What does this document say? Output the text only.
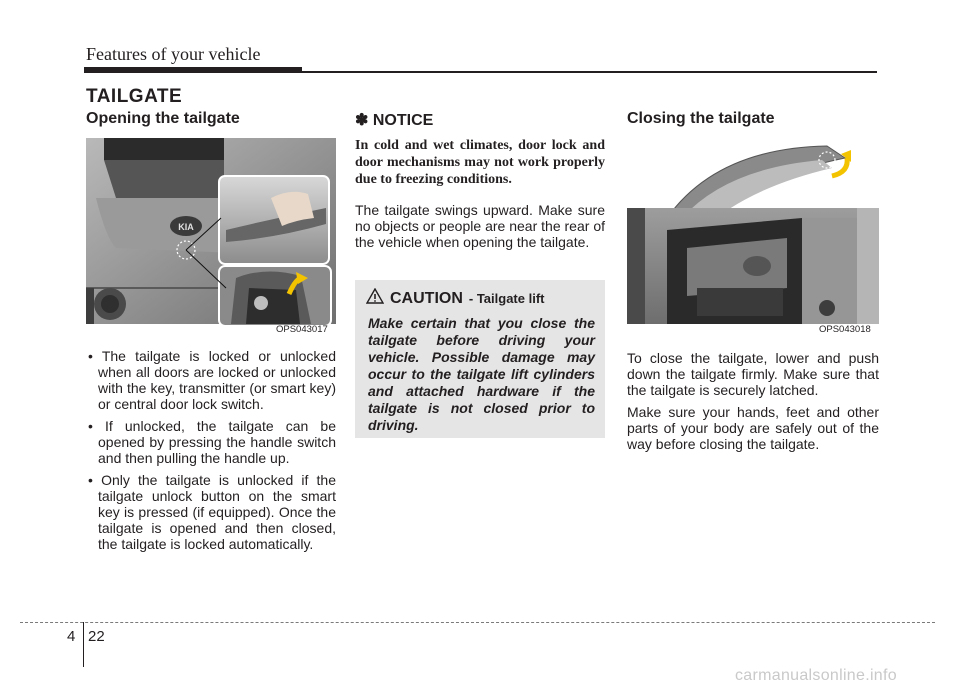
Features of your vehicle
TAILGATE
Opening the tailgate
KIA
OPS043017
• The tailgate is locked or unlocked when all doors are locked or unlocked with the key, transmitter (or smart key) or central door lock switch.
• If unlocked, the tailgate can be opened by pressing the handle switch and then pulling the handle up.
• Only the tailgate is unlocked if the tailgate unlock button on the smart key is pressed (if equipped). Once the tailgate is opened and then closed, the tailgate is locked automatically.
✽ NOTICE
In cold and wet climates, door lock and door mechanisms may not work properly due to freezing conditions.

The tailgate swings upward. Make sure no objects or people are near the rear of the vehicle when opening the tailgate.

CAUTION - Tailgate lift
Make certain that you close the tailgate before driving your vehicle. Possible damage may occur to the tailgate lift cylinders and attached hardware if the tailgate is not closed prior to driving.
Closing the tailgate
OPS043018

To close the tailgate, lower and push down the tailgate firmly. Make sure that the tailgate is securely latched.

Make sure your hands, feet and other parts of your body are safely out of the way before closing the tailgate.

4 22
carmanualsonline.info
